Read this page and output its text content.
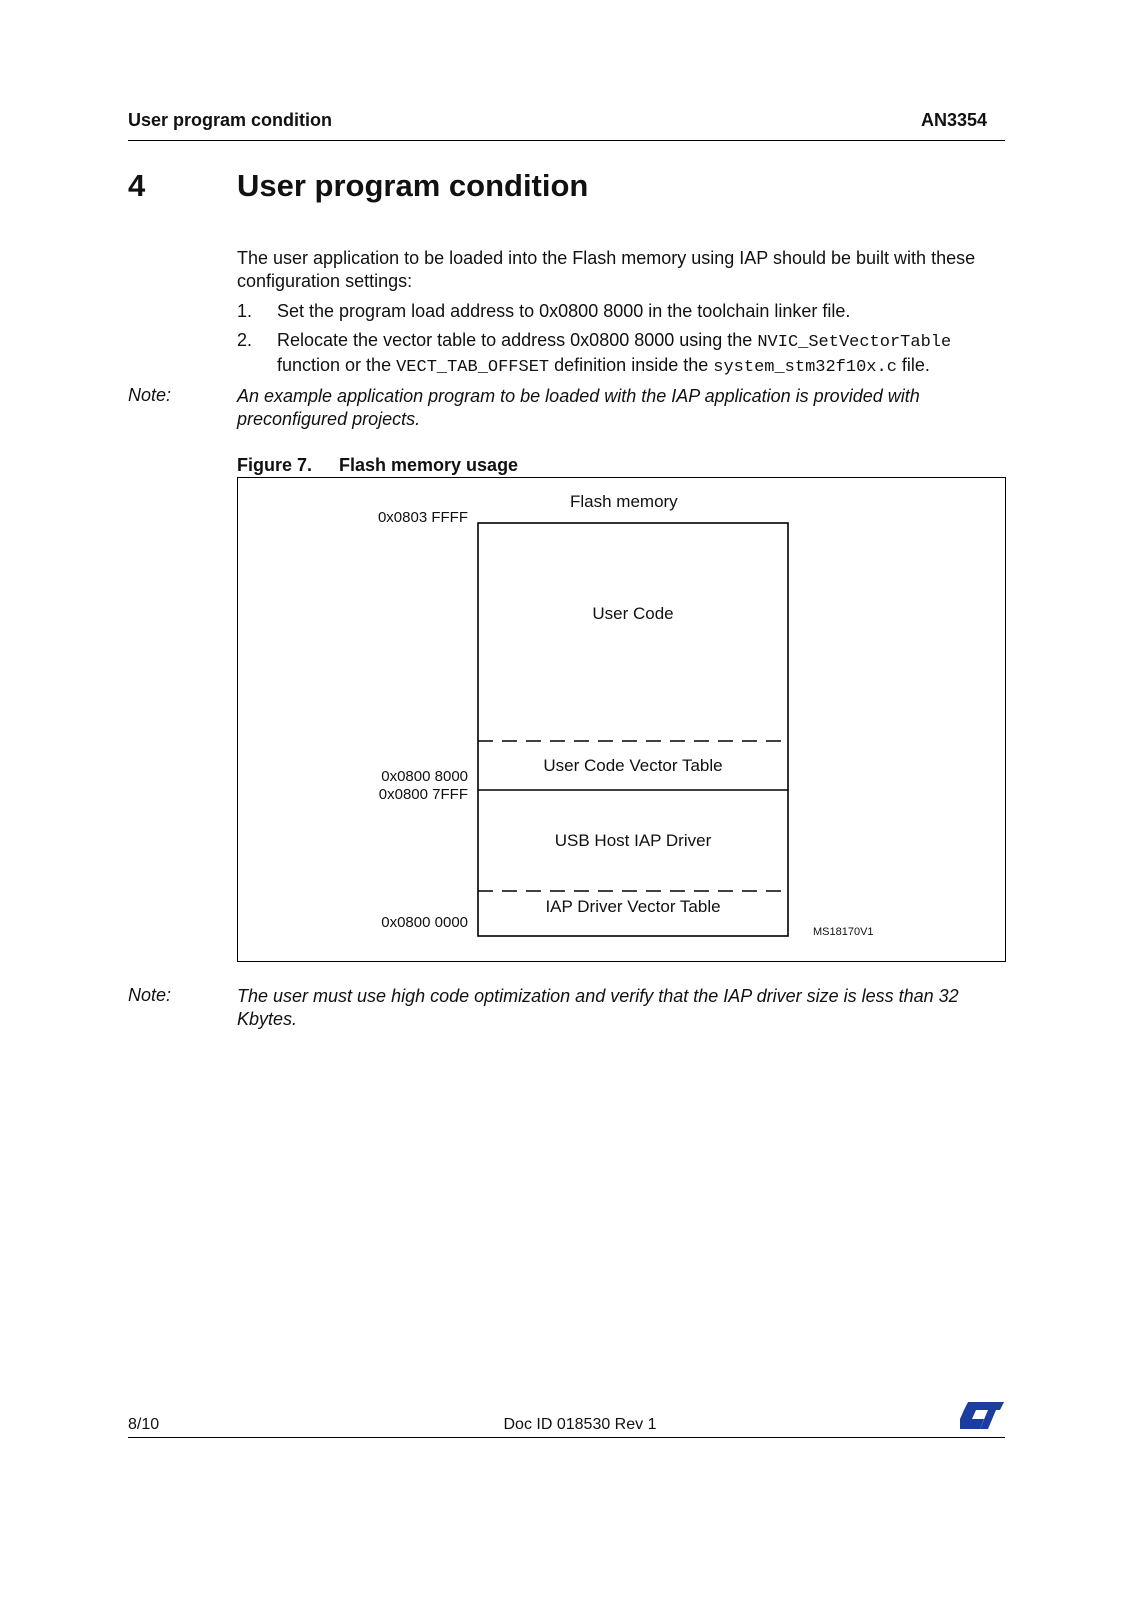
User program condition	AN3354
4	User program condition
The user application to be loaded into the Flash memory using IAP should be built with these configuration settings:
1. Set the program load address to 0x0800 8000 in the toolchain linker file.
2. Relocate the vector table to address 0x0800 8000 using the NVIC_SetVectorTable
function or the VECT_TAB_OFFSET definition inside the system_stm32f10x.c file.
Note:	An example application program to be loaded with the IAP application is provided with preconfigured projects.
Figure 7. Flash memory usage
Flash memory
0x0803 FFFF
0x0800 8000
0x0800 7FFF
0x0800 0000
User Code
User Code Vector Table
USB Host IAP Driver
IAP Driver Vector Table
MS18170V1
Note:	The user must use high code optimization and verify that the IAP driver size is less than 32 Kbytes.
8/10	Doc ID 018530 Rev 1
